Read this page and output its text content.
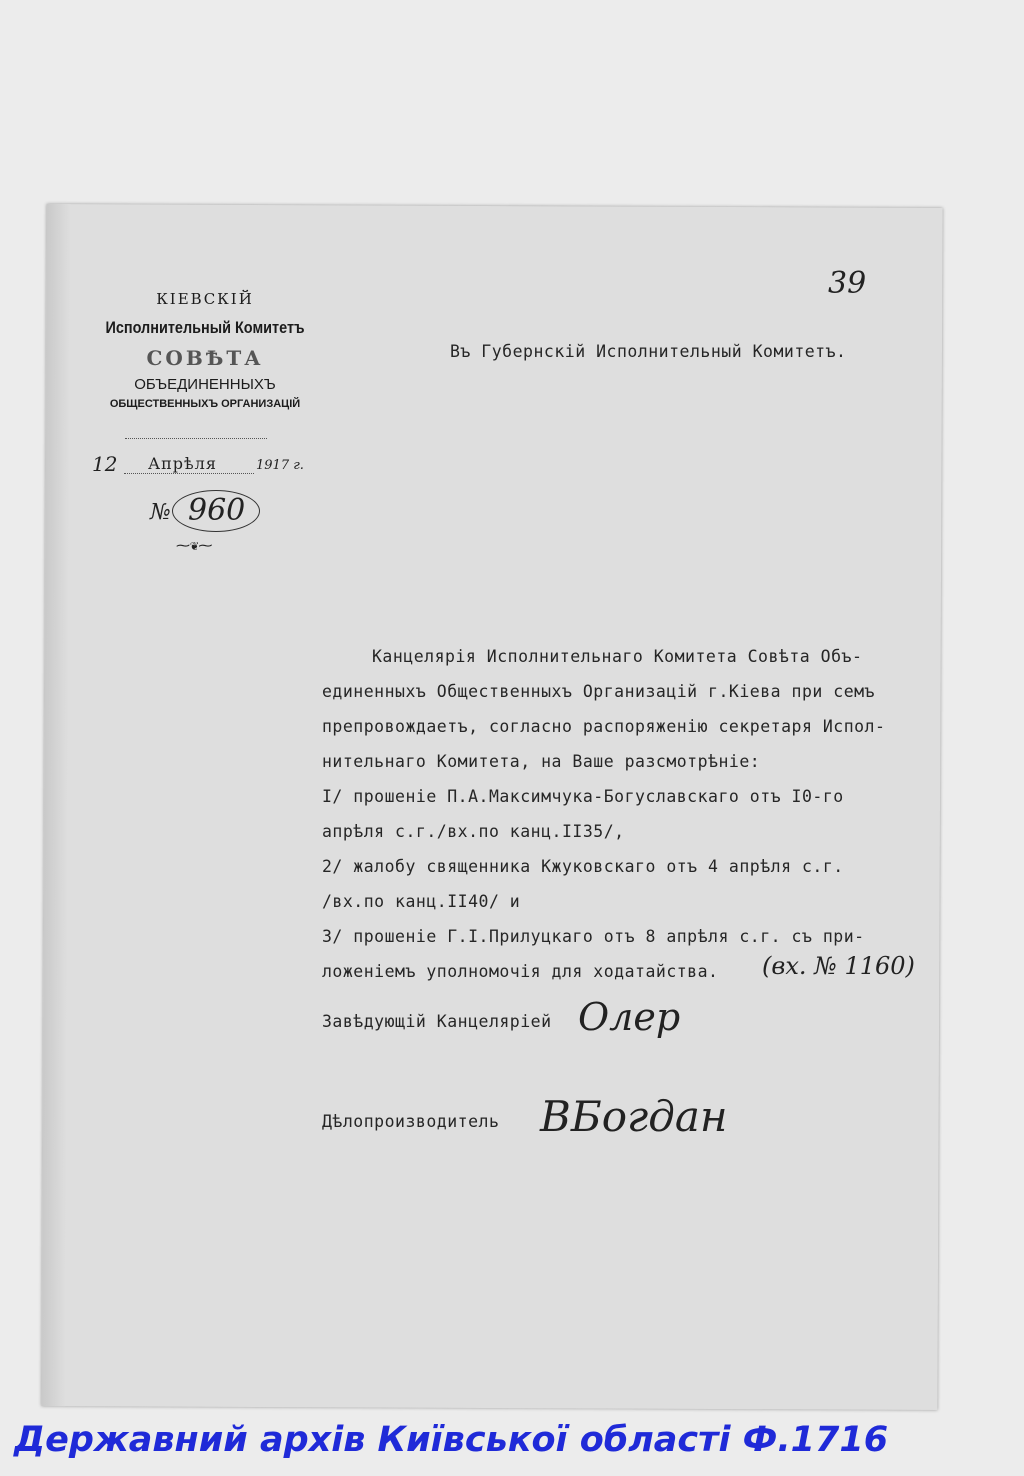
КІЕВСКІЙ
Исполнительный Комитетъ
СОВѢТА
ОБЪЕДИНЕННЫХЪ
ОБЩЕСТВЕННЫХЪ ОРГАНИЗАЦІЙ
12 Апрѣля	1917 г.
№ 960
⁓❦⁓
39
Въ Губернскій Исполнительный Комитетъ.
Канцелярія Исполнительнаго Комитета Совѣта Объ-
единенныхъ Общественныхъ Организацій г.Кіева при семъ
препровождаетъ, согласно распоряженію секретаря Испол-
нительнаго Комитета, на Ваше разсмотрѣніе:
І/ прошеніе П.А.Максимчука-Богуславскаго отъ І0-го
апрѣля с.г./вх.по канц.ІІ35/,
2/ жалобу священника Кжуковскаго отъ 4 апрѣля с.г.
/вх.по канц.ІІ40/ и
3/ прошеніе Г.І.Прилуцкаго отъ 8 апрѣля с.г. съ при-
ложеніемъ уполномочія для ходатайства. (вх. № 1160)
Завѣдующій Канцеляріей Олер
Дѣлопроизводитель ВБогдан
Державний архів Київської області Ф.1716
